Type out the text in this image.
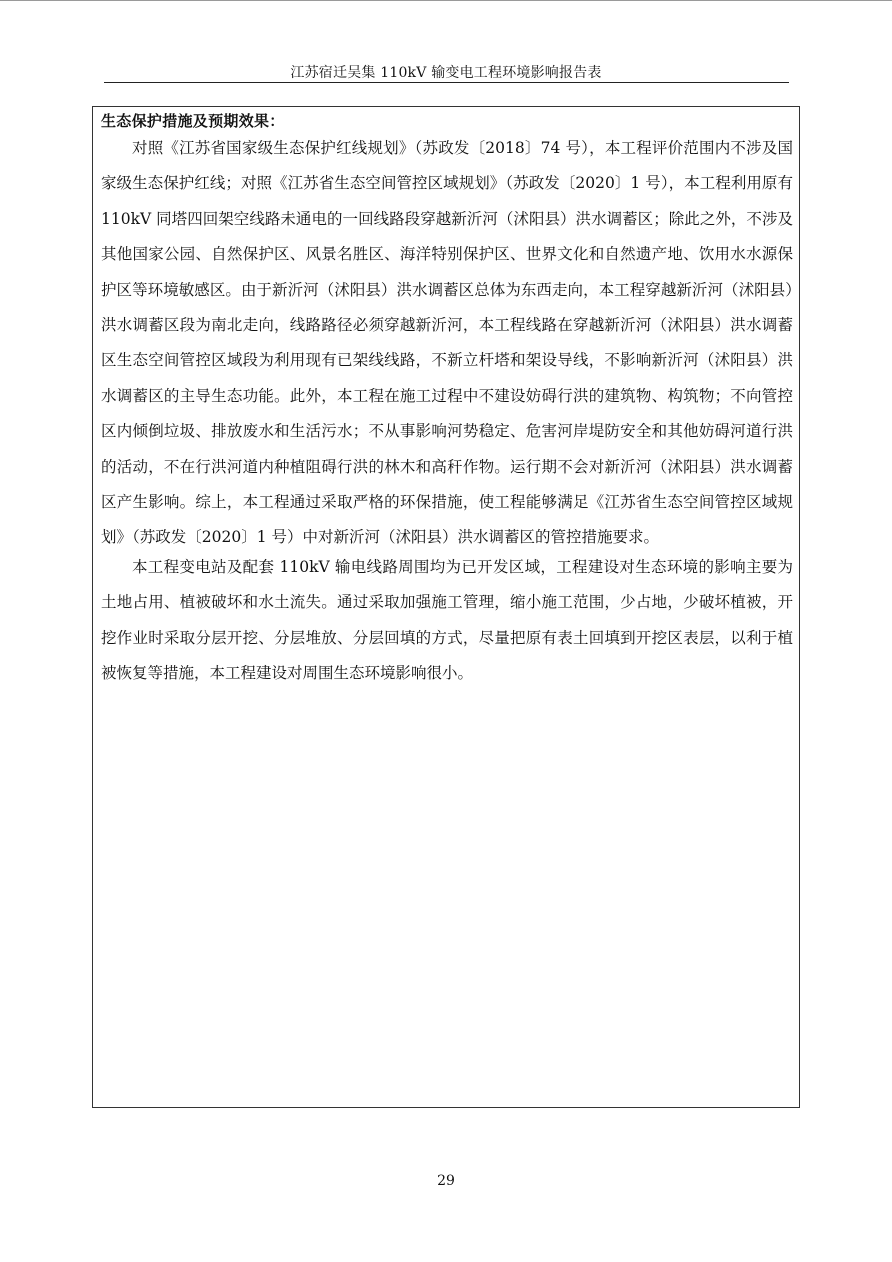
江苏宿迁吴集 110kV 输变电工程环境影响报告表
生态保护措施及预期效果：

对照《江苏省国家级生态保护红线规划》（苏政发〔2018〕74 号），本工程评价范围内不涉及国家级生态保护红线；对照《江苏省生态空间管控区域规划》（苏政发〔2020〕1 号），本工程利用原有 110kV 同塔四回架空线路未通电的一回线路段穿越新沂河（沭阳县）洪水调蓄区；除此之外，不涉及其他国家公园、自然保护区、风景名胜区、海洋特别保护区、世界文化和自然遗产地、饮用水水源保护区等环境敏感区。由于新沂河（沭阳县）洪水调蓄区总体为东西走向，本工程穿越新沂河（沭阳县）洪水调蓄区段为南北走向，线路路径必须穿越新沂河，本工程线路在穿越新沂河（沭阳县）洪水调蓄区生态空间管控区域段为利用现有已架线线路，不新立杆塔和架设导线，不影响新沂河（沭阳县）洪水调蓄区的主导生态功能。此外，本工程在施工过程中不建设妨碍行洪的建筑物、构筑物；不向管控区内倾倒垃圾、排放废水和生活污水；不从事影响河势稳定、危害河岸堤防安全和其他妨碍河道行洪的活动，不在行洪河道内种植阻碍行洪的林木和高秆作物。运行期不会对新沂河（沭阳县）洪水调蓄区产生影响。综上，本工程通过采取严格的环保措施，使工程能够满足《江苏省生态空间管控区域规划》（苏政发〔2020〕1 号）中对新沂河（沭阳县）洪水调蓄区的管控措施要求。

本工程变电站及配套 110kV 输电线路周围均为已开发区域，工程建设对生态环境的影响主要为土地占用、植被破坏和水土流失。通过采取加强施工管理，缩小施工范围，少占地，少破坏植被，开挖作业时采取分层开挖、分层堆放、分层回填的方式，尽量把原有表土回填到开挖区表层，以利于植被恢复等措施，本工程建设对周围生态环境影响很小。

29
